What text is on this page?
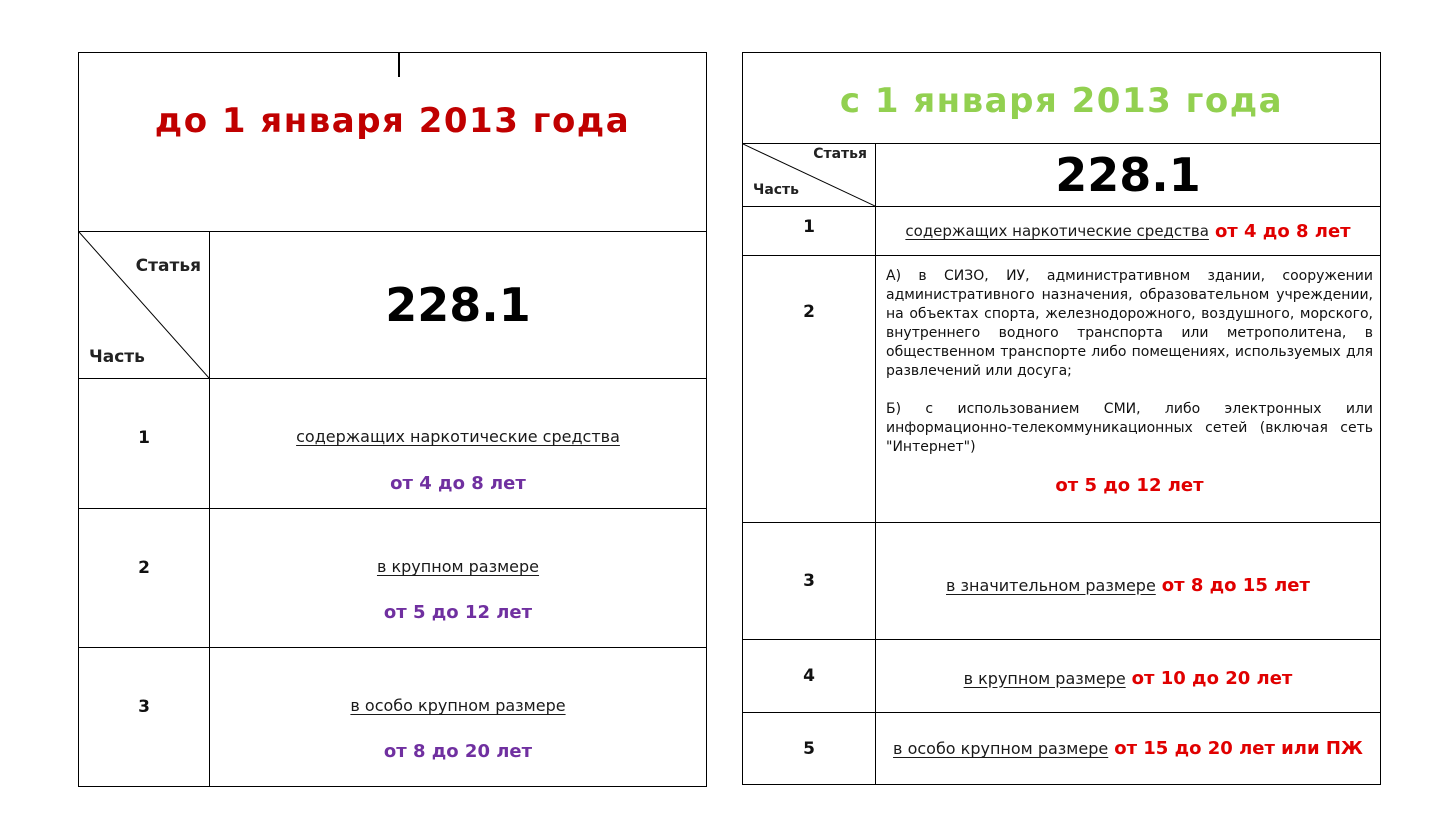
до 1 января 2013 года
Статья
Часть
228.1
1	содержащих наркотические средства
от 4 до 8 лет
2	в крупном размере
от 5 до 12 лет
3	в особо крупном размере
от 8 до 20 лет
с 1 января 2013 года
Статья
Часть	228.1
1	содержащих наркотические средства от 4 до 8 лет
2

А) в СИЗО, ИУ, административном здании, сооружении административного назначения, образовательном учреждении, на объектах спорта, железнодорожного, воздушного, морского, внутреннего водного транспорта или метрополитена, в общественном транспорте либо помещениях, используемых для развлечений или досуга;

Б) с использованием СМИ, либо электронных или информационно-телекоммуникационных сетей (включая сеть "Интернет")

от 5 до 12 лет
3	в значительном размере от 8 до 15 лет
4	в крупном размере от 10 до 20 лет
5	в особо крупном размере от 15 до 20 лет или ПЖ
